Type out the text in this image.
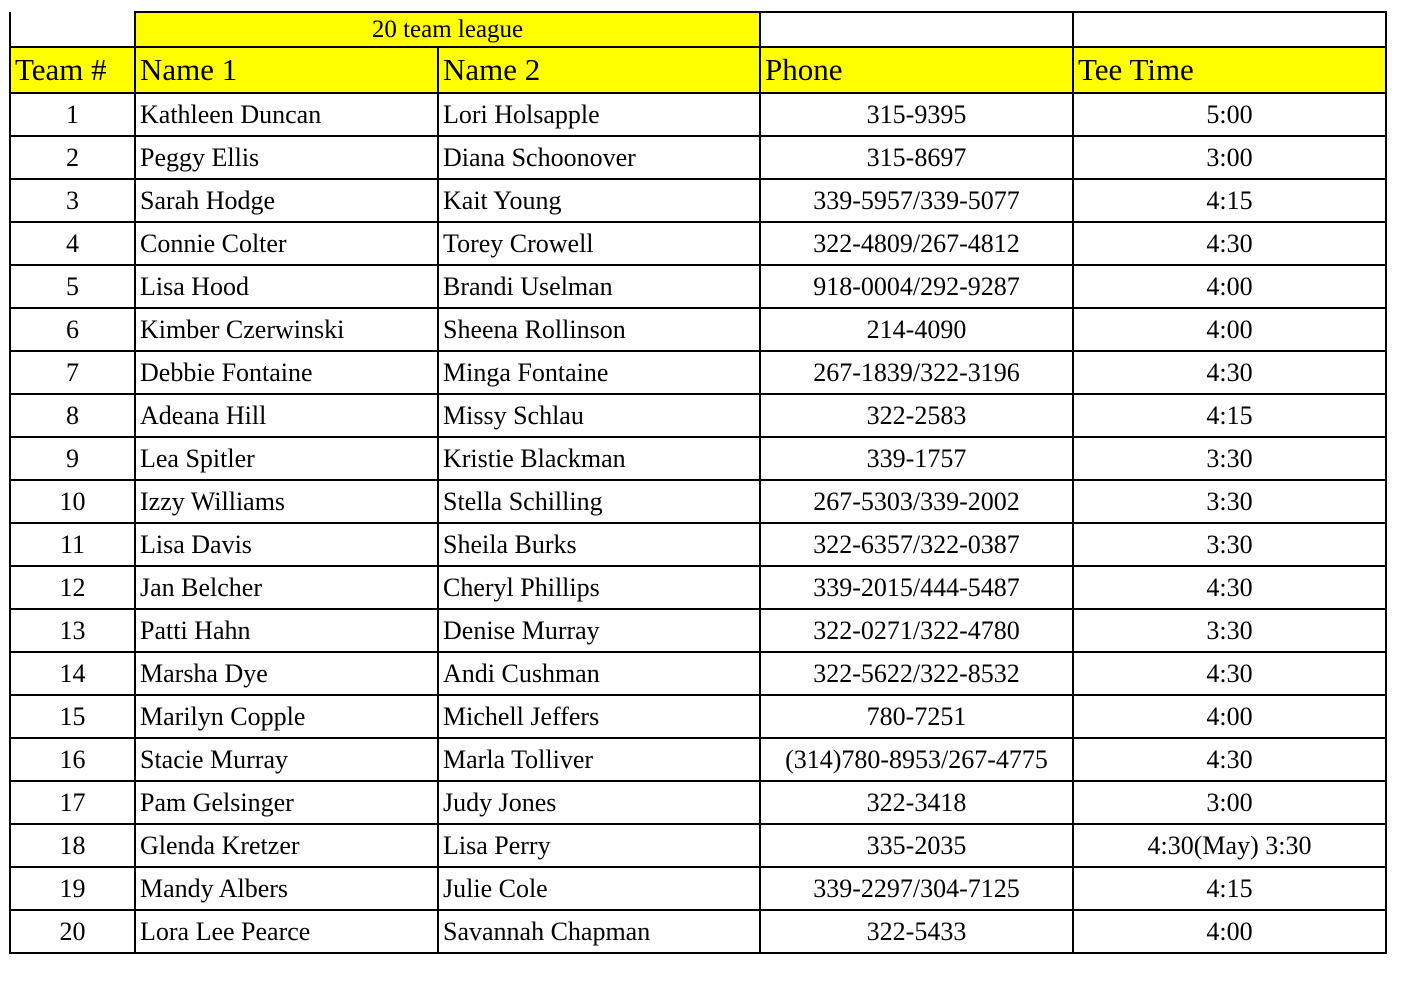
	20 team league			
Team #	Name 1	Name 2	Phone	Tee Time
1	Kathleen Duncan	Lori Holsapple	315-9395	5:00
2	Peggy Ellis	Diana Schoonover	315-8697	3:00
3	Sarah Hodge	Kait Young	339-5957/339-5077	4:15
4	Connie Colter	Torey Crowell	322-4809/267-4812	4:30
5	Lisa Hood	Brandi Uselman	918-0004/292-9287	4:00
6	Kimber Czerwinski	Sheena Rollinson	214-4090	4:00
7	Debbie Fontaine	Minga Fontaine	267-1839/322-3196	4:30
8	Adeana Hill	Missy Schlau	322-2583	4:15
9	Lea Spitler	Kristie Blackman	339-1757	3:30
10	Izzy Williams	Stella Schilling	267-5303/339-2002	3:30
11	Lisa Davis	Sheila Burks	322-6357/322-0387	3:30
12	Jan Belcher	Cheryl Phillips	339-2015/444-5487	4:30
13	Patti Hahn	Denise Murray	322-0271/322-4780	3:30
14	Marsha Dye	Andi Cushman	322-5622/322-8532	4:30
15	Marilyn Copple	Michell Jeffers	780-7251	4:00
16	Stacie Murray	Marla Tolliver	(314)780-8953/267-4775	4:30
17	Pam Gelsinger	Judy Jones	322-3418	3:00
18	Glenda Kretzer	Lisa Perry	335-2035	4:30(May) 3:30
19	Mandy Albers	Julie Cole	339-2297/304-7125	4:15
20	Lora Lee Pearce	Savannah Chapman	322-5433	4:00
